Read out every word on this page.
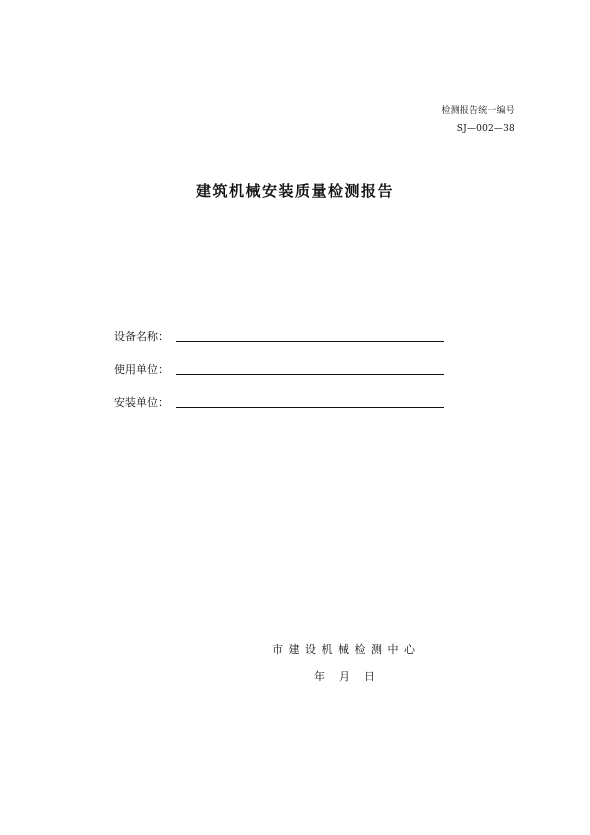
检测报告统一编号
SJ—002—38
建筑机械安装质量检测报告
设备名称：
使用单位：
安装单位：
市建设机械检测中心
年 月 日
